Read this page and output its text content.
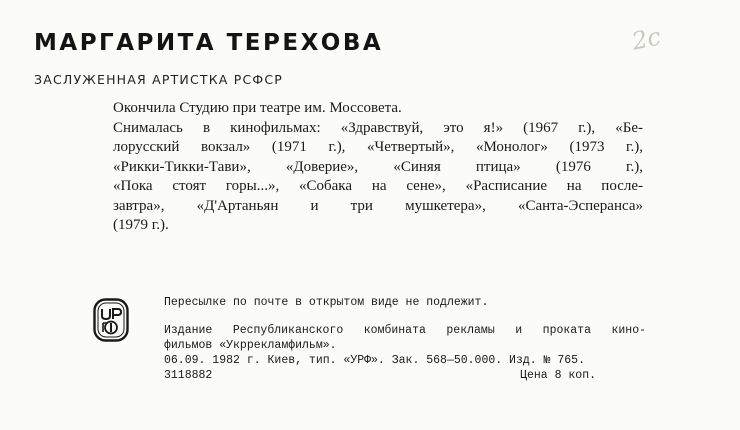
МАРГАРИТА ТЕРЕХОВА
ЗАСЛУЖЕННАЯ АРТИСТКА РСФСР
2с
Окончила Студию при театре им. Моссовета.
Снималась в кинофильмах: «Здравствуй, это я!» (1967 г.), «Бе-
лорусский вокзал» (1971 г.), «Четвертый», «Монолог» (1973 г.),
«Рикки-Тикки-Тави», «Доверие», «Синяя птица» (1976 г.),
«Пока стоят горы...», «Собака на сене», «Расписание на после-
завтра», «Д'Артаньян и три мушкетера», «Санта-Эсперанса»
(1979 г.).
Пересылке по почте в открытом виде не подлежит.
Издание Республиканского комбината рекламы и проката кино-
фильмов «Укррекламфильм».
06.09. 1982 г. Киев, тип. «УРФ». Зак. 568—50.000. Изд. № 765.
3118882	Цена 8 коп.
